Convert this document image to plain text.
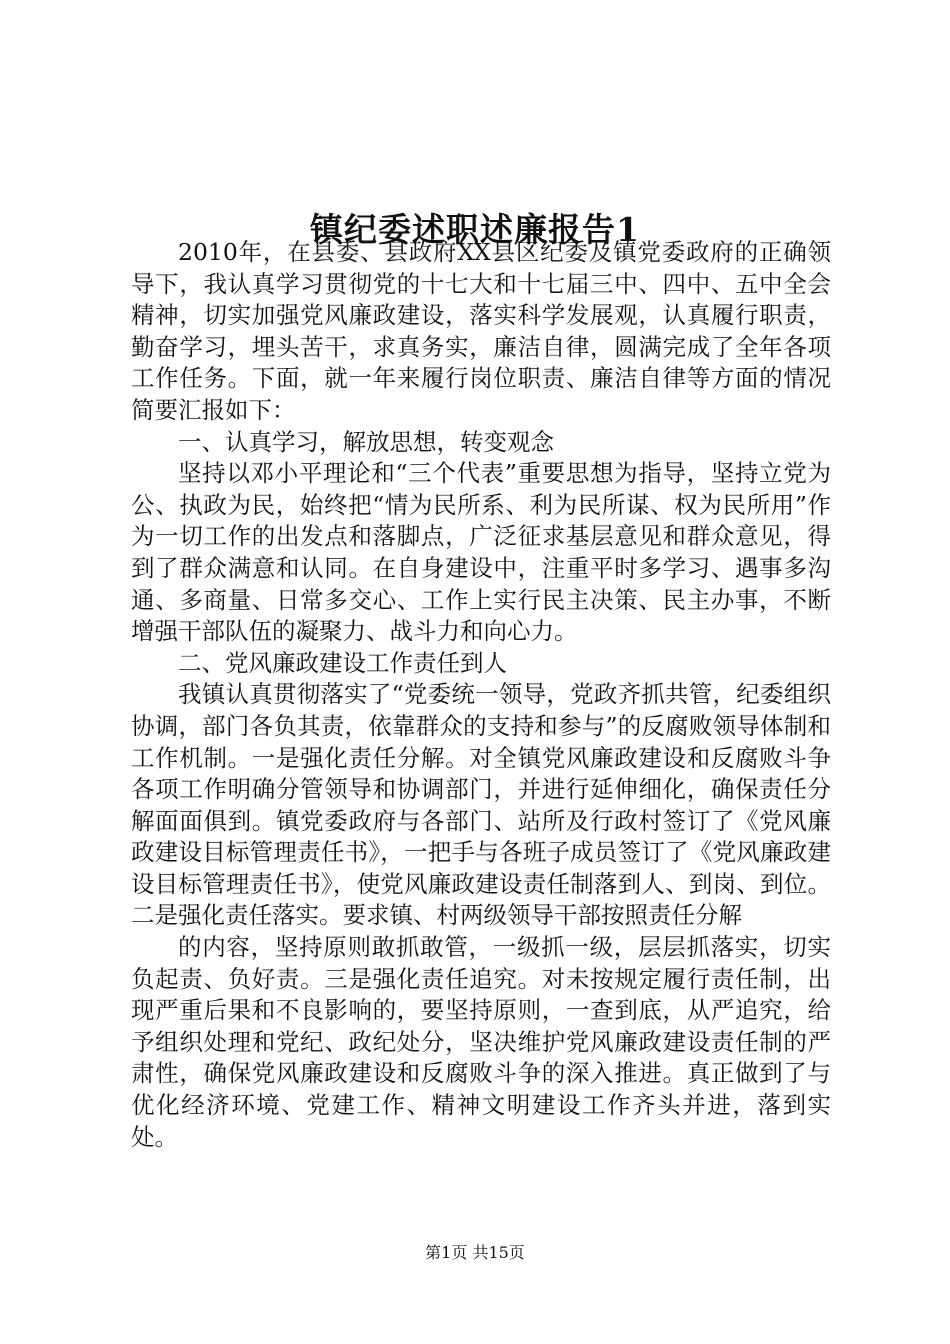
镇纪委述职述廉报告1

2010年，在县委、县政府XX县区纪委及镇党委政府的正确领导下，我认真学习贯彻党的十七大和十七届三中、四中、五中全会精神，切实加强党风廉政建设，落实科学发展观，认真履行职责，勤奋学习，埋头苦干，求真务实，廉洁自律，圆满完成了全年各项工作任务。下面，就一年来履行岗位职责、廉洁自律等方面的情况简要汇报如下：

一、认真学习，解放思想，转变观念

坚持以邓小平理论和“三个代表”重要思想为指导，坚持立党为公、执政为民，始终把“情为民所系、利为民所谋、权为民所用”作为一切工作的出发点和落脚点，广泛征求基层意见和群众意见，得到了群众满意和认同。在自身建设中，注重平时多学习、遇事多沟通、多商量、日常多交心、工作上实行民主决策、民主办事，不断增强干部队伍的凝聚力、战斗力和向心力。

二、党风廉政建设工作责任到人

我镇认真贯彻落实了“党委统一领导，党政齐抓共管，纪委组织协调，部门各负其责，依靠群众的支持和参与”的反腐败领导体制和工作机制。一是强化责任分解。对全镇党风廉政建设和反腐败斗争各项工作明确分管领导和协调部门，并进行延伸细化，确保责任分解面面俱到。镇党委政府与各部门、站所及行政村签订了《党风廉政建设目标管理责任书》，一把手与各班子成员签订了《党风廉政建设目标管理责任书》，使党风廉政建设责任制落到人、到岗、到位。二是强化责任落实。要求镇、村两级领导干部按照责任分解

的内容，坚持原则敢抓敢管，一级抓一级，层层抓落实，切实负起责、负好责。三是强化责任追究。对未按规定履行责任制，出现严重后果和不良影响的，要坚持原则，一查到底，从严追究，给予组织处理和党纪、政纪处分，坚决维护党风廉政建设责任制的严肃性，确保党风廉政建设和反腐败斗争的深入推进。真正做到了与优化经济环境、党建工作、精神文明建设工作齐头并进，落到实处。

第1页 共15页
